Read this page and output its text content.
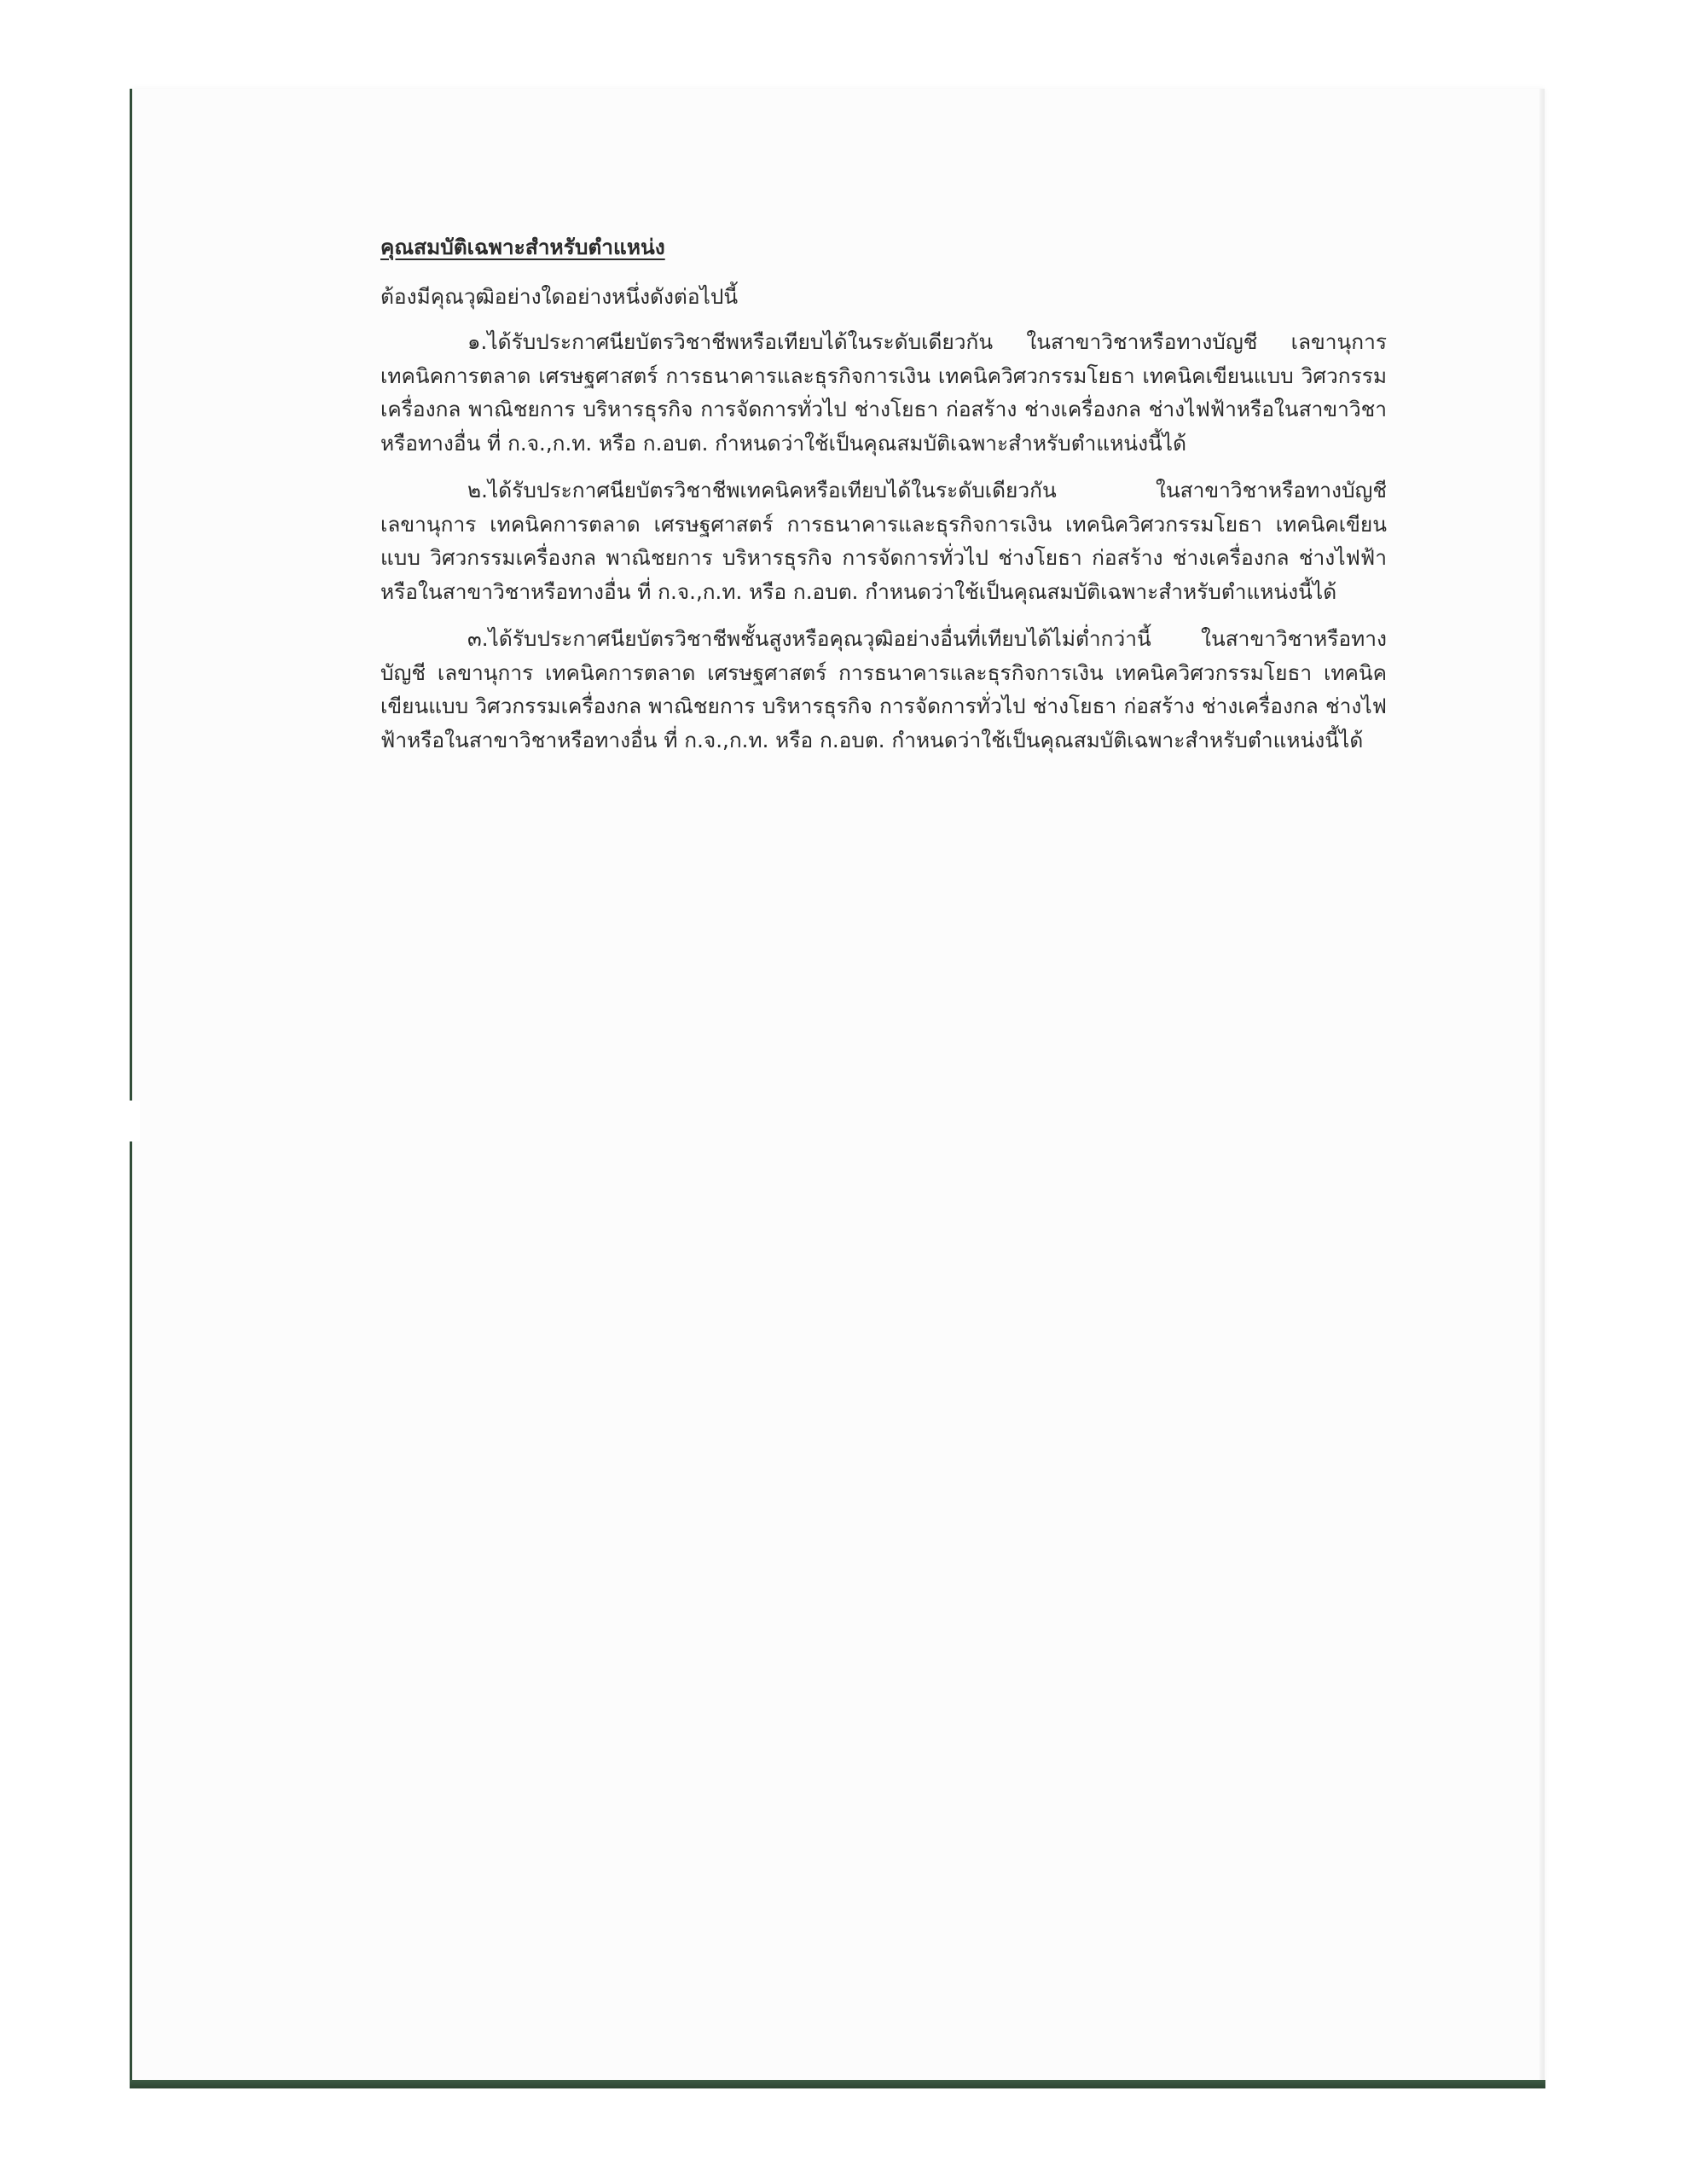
คุณสมบัติเฉพาะสำหรับตำแหน่ง
ต้องมีคุณวุฒิอย่างใดอย่างหนึ่งดังต่อไปนี้
๑.ได้รับประกาศนียบัตรวิชาชีพหรือเทียบได้ในระดับเดียวกัน ในสาขาวิชาหรือทางบัญชี เลขานุการ เทคนิคการตลาด เศรษฐศาสตร์ การธนาคารและธุรกิจการเงิน เทคนิควิศวกรรมโยธา เทคนิคเขียนแบบ วิศวกรรมเครื่องกล พาณิชยการ บริหารธุรกิจ การจัดการทั่วไป ช่างโยธา ก่อสร้าง ช่างเครื่องกล ช่างไฟฟ้าหรือในสาขาวิชาหรือทางอื่น ที่ ก.จ.,ก.ท. หรือ ก.อบต. กำหนดว่าใช้เป็นคุณสมบัติเฉพาะสำหรับตำแหน่งนี้ได้
๒.ได้รับประกาศนียบัตรวิชาชีพเทคนิคหรือเทียบได้ในระดับเดียวกัน ในสาขาวิชาหรือทางบัญชี เลขานุการ เทคนิคการตลาด เศรษฐศาสตร์ การธนาคารและธุรกิจการเงิน เทคนิควิศวกรรมโยธา เทคนิคเขียนแบบ วิศวกรรมเครื่องกล พาณิชยการ บริหารธุรกิจ การจัดการทั่วไป ช่างโยธา ก่อสร้าง ช่างเครื่องกล ช่างไฟฟ้าหรือในสาขาวิชาหรือทางอื่น ที่ ก.จ.,ก.ท. หรือ ก.อบต. กำหนดว่าใช้เป็นคุณสมบัติเฉพาะสำหรับตำแหน่งนี้ได้
๓.ได้รับประกาศนียบัตรวิชาชีพชั้นสูงหรือคุณวุฒิอย่างอื่นที่เทียบได้ไม่ต่ำกว่านี้ ในสาขาวิชาหรือทางบัญชี เลขานุการ เทคนิคการตลาด เศรษฐศาสตร์ การธนาคารและธุรกิจการเงิน เทคนิควิศวกรรมโยธา เทคนิคเขียนแบบ วิศวกรรมเครื่องกล พาณิชยการ บริหารธุรกิจ การจัดการทั่วไป ช่างโยธา ก่อสร้าง ช่างเครื่องกล ช่างไฟฟ้าหรือในสาขาวิชาหรือทางอื่น ที่ ก.จ.,ก.ท. หรือ ก.อบต. กำหนดว่าใช้เป็นคุณสมบัติเฉพาะสำหรับตำแหน่งนี้ได้
